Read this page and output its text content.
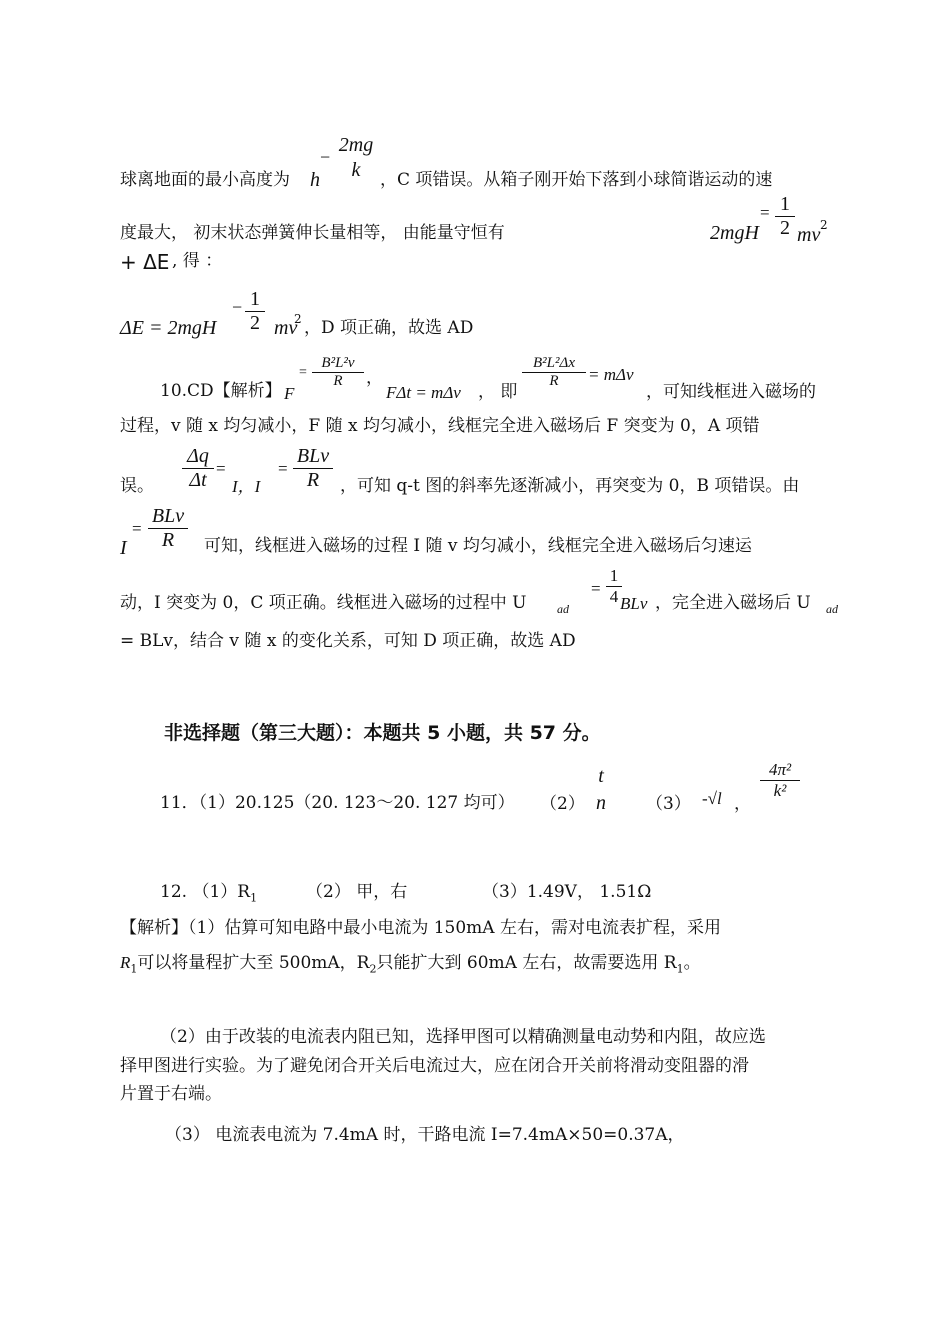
球离地面的最小高度为 h
−
2mg
k	，C 项错误。从箱子刚开始下落到小球简谐运动的速
度最大， 初末状态弹簧伸长量相等， 由能量守恒有	2mgH
= 1
2 mv 2
+ ΔE , 得 ：
ΔE = 2mgH
− 1
2 mv
2 ，D 项正确，故选 AD
10.CD【解析】 F
=
B²L²v
R	，
FΔt = mΔv ， 即
B²L²Δx
R	= mΔv
，可知线框进入磁场的
过程，v 随 x 均匀减小，F 随 x 均匀减小，线框完全进入磁场后 F 突变为 0，A 项错
误。
Δq
Δt
=
I，I
=
BLv
R	，可知 q-t 图的斜率先逐渐减小，再突变为 0，B 项错误。由
I
=
BLv
R	可知，线框进入磁场的过程 I 随 v 均匀减小，线框完全进入磁场后匀速运
动，I 突变为 0，C 项正确。线框进入磁场的过程中 U	ad
=
1
4 BLv ，完全进入磁场后 U ad
= BLv，结合 v 随 x 的变化关系，可知 D 项正确，故选 AD
非选择题（第三大题）：本题共 5 小题，共 57 分。
11．（1）20.125（20. 123～20. 127 均可） （2）
t
n （3） -√l ，
4π²
k²
12. $(1)R_1$	（2） 甲，右	（3）1.49V， 1.51Ω
【解析】（1）估算可知电路中最小电流为 150mA 左右，需对电流表扩程，采用
$R_1$可以将量程扩大至 500mA，$R_2$只能扩大到 60mA 左右，故需要选用 $R_1$。
（2）由于改装的电流表内阻已知，选择甲图可以精确测量电动势和内阻，故应选
择甲图进行实验。为了避免闭合开关后电流过大，应在闭合开关前将滑动变阻器的滑
片置于右端。
（3） 电流表电流为 7.4mA 时，干路电流 I=7.4mA×50=0.37A，
